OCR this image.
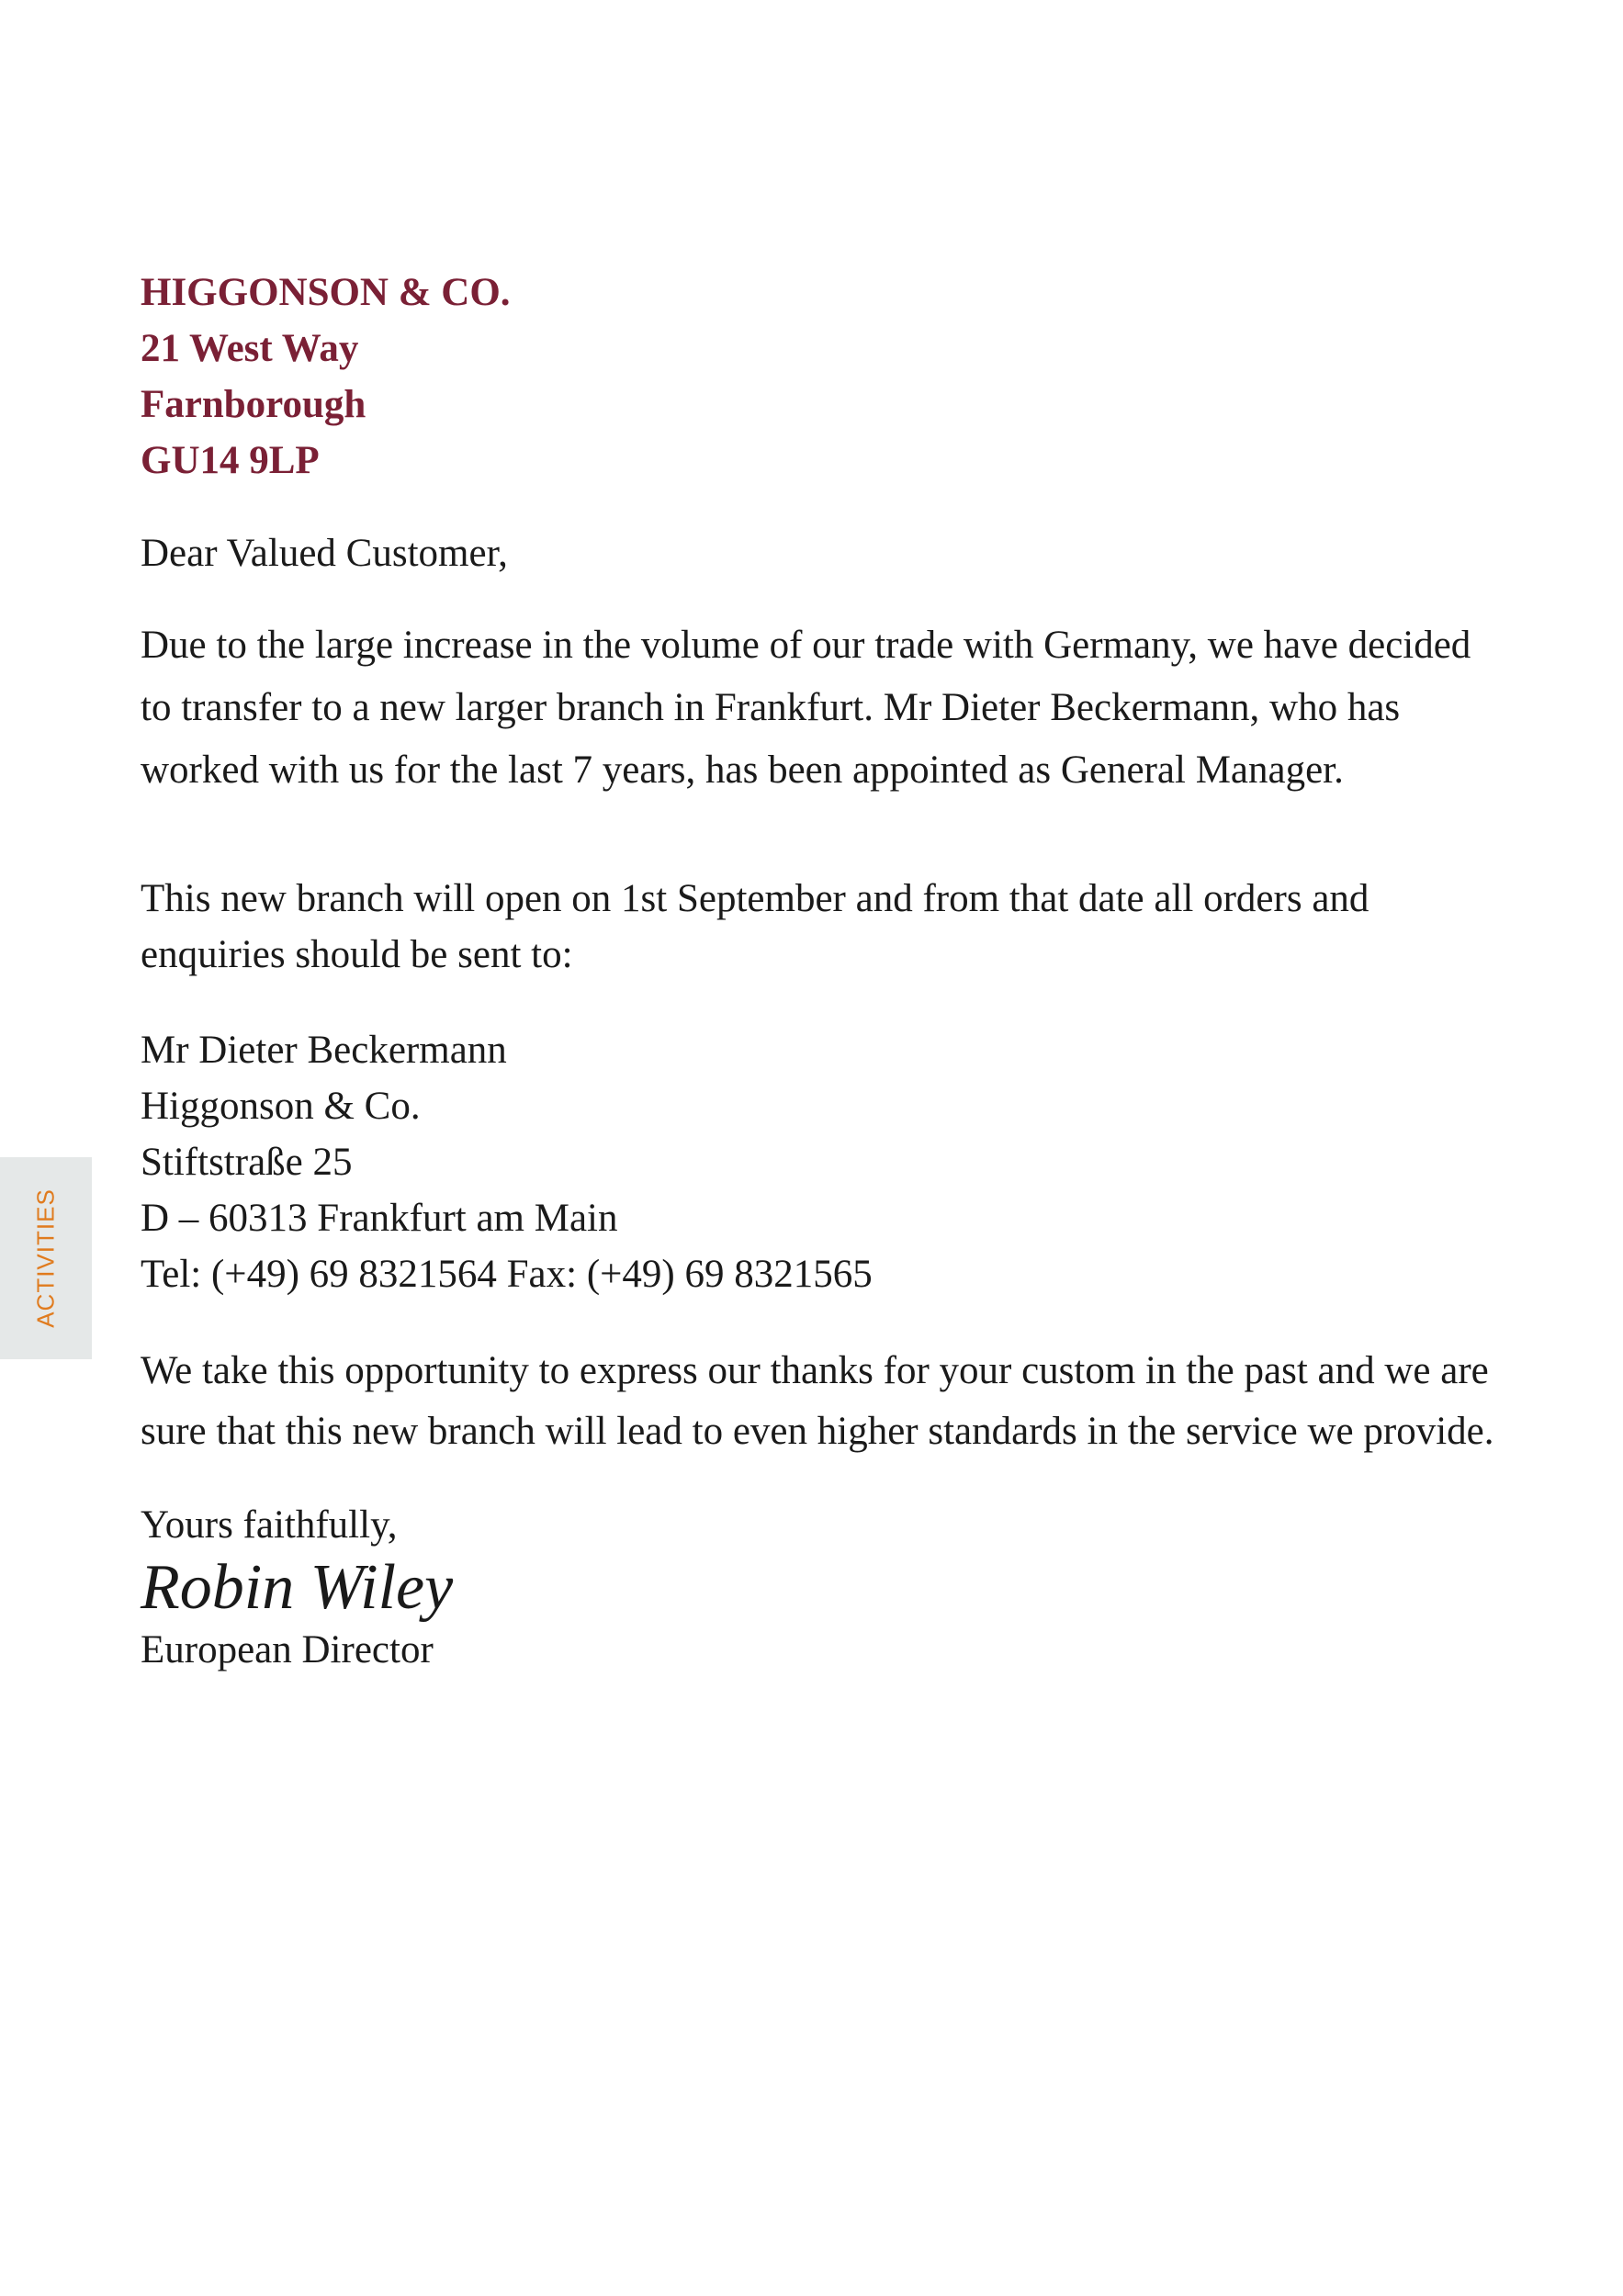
ACTIVITIES
HIGGONSON & CO.
21 West Way
Farnborough
GU14 9LP
Dear Valued Customer,
Due to the large increase in the volume of our trade with Germany, we have decided to transfer to a new larger branch in Frankfurt. Mr Dieter Beckermann, who has worked with us for the last 7 years, has been appointed as General Manager.
This new branch will open on 1st September and from that date all orders and enquiries should be sent to:
Mr Dieter Beckermann
Higgonson & Co.
Stiftstraße 25
D – 60313 Frankfurt am Main
Tel: (+49) 69 8321564 Fax: (+49) 69 8321565
We take this opportunity to express our thanks for your custom in the past and we are sure that this new branch will lead to even higher standards in the service we provide.
Yours faithfully,
Robin Wiley
European Director
